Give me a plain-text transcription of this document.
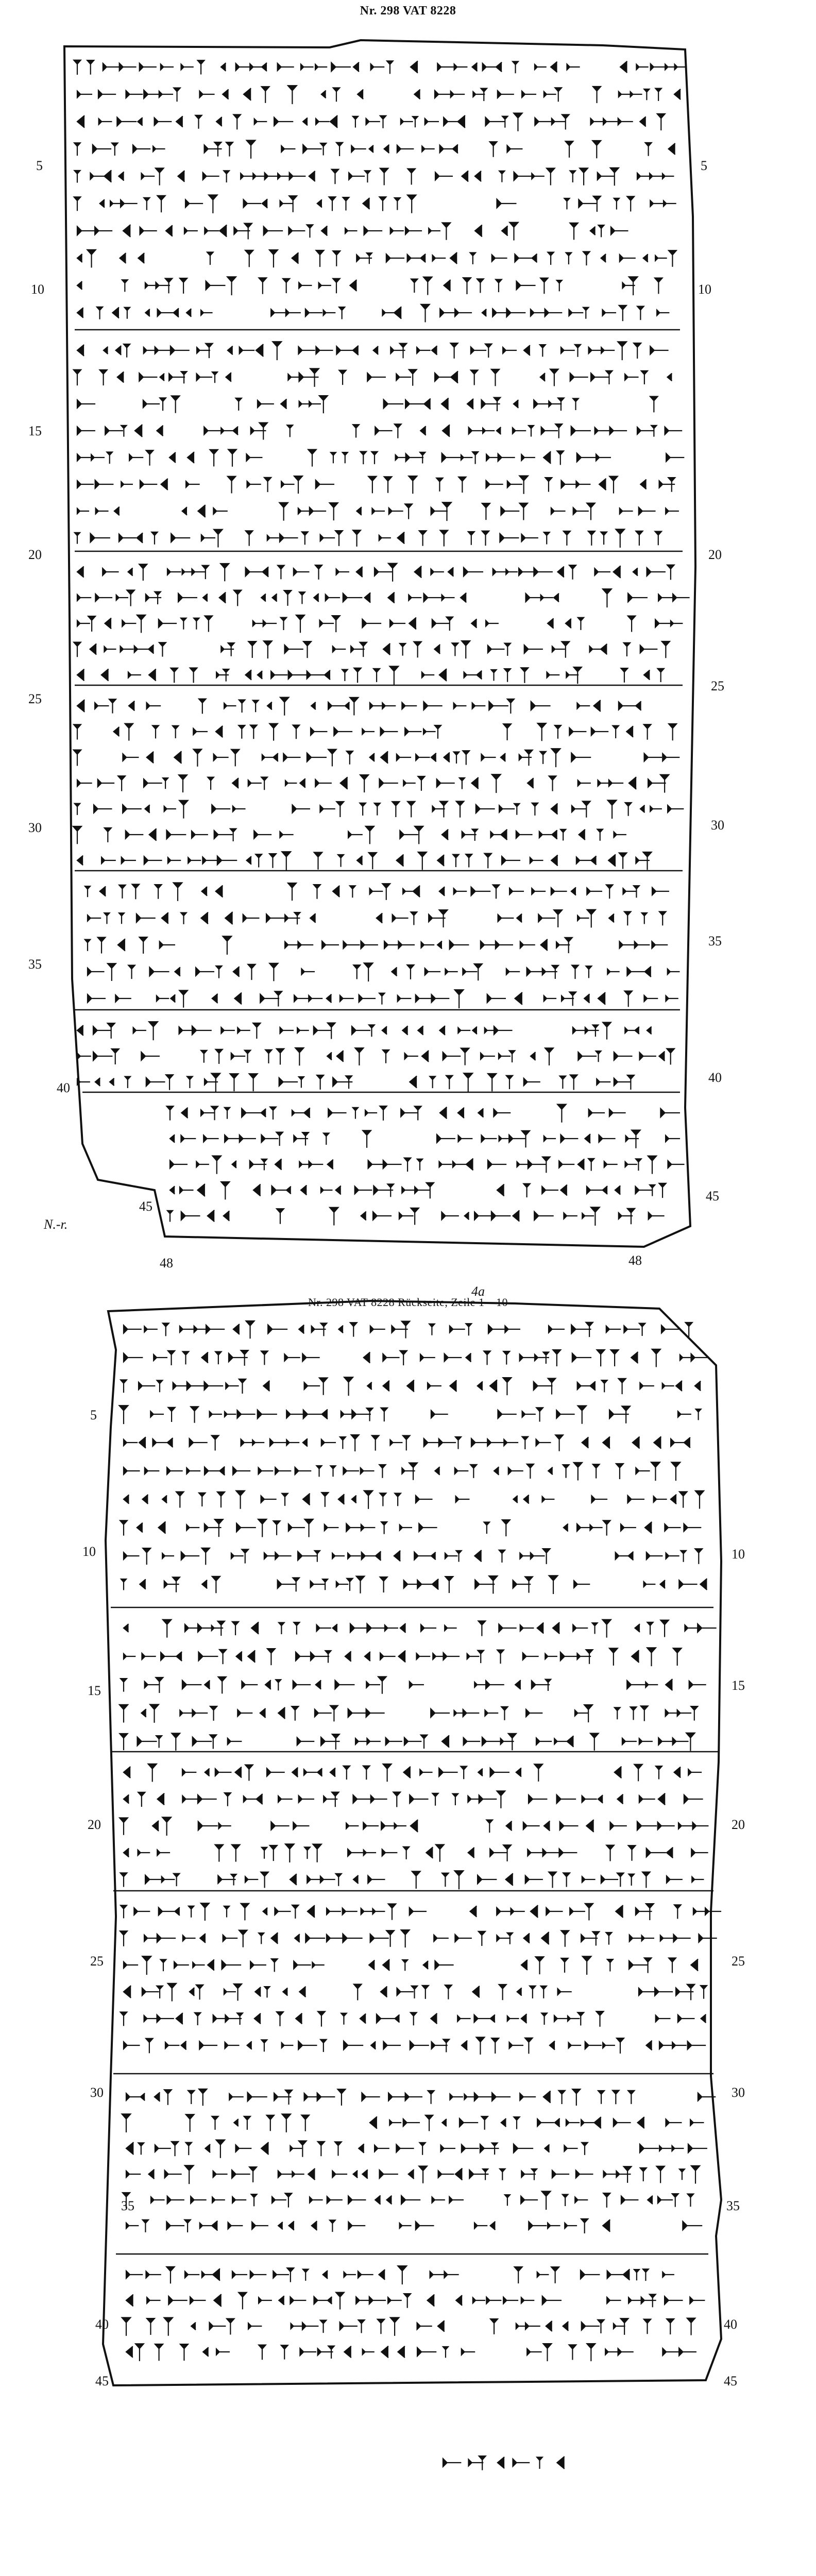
Nr. 298 VAT 8228
5	5
10	10
15
20	20
25
25
30	30
35
35
40
40
45
45
48	48
N.-r.
Nr. 298 VAT 8228 Rückseite, Zeile 1—10
5
10	10
15	15
20	20
25	25
30	30
35	35
40	40
45	45
4a
